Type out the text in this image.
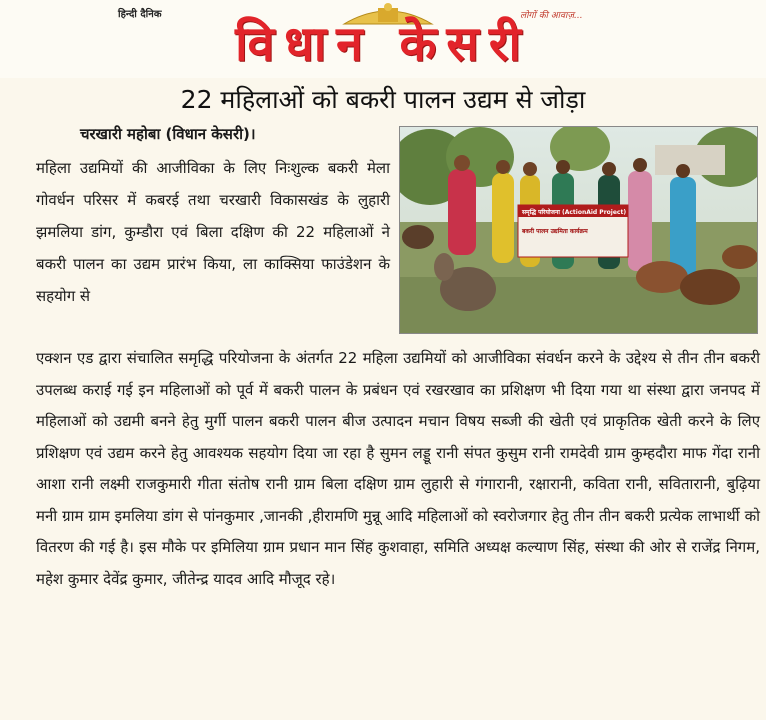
हिन्दी दैनिक	लोगों की आवाज़...
विधान केसरी
22 महिलाओं को बकरी पालन उद्यम से जोड़ा
समृद्धि परियोजना (ActionAid Project)
बकरी पालन उद्यमिता कार्यक्रम
चरखारी महोबा (विधान केसरी)।
महिला उद्यमियों की आजीविका के लिए निःशुल्क बकरी मेला गोवर्धन परिसर में कबरई तथा चरखारी विकासखंड के लुहारी झमलिया डांग, कुम्डौरा एवं बिला दक्षिण की 22 महिलाओं ने बकरी पालन का उद्यम प्रारंभ किया, ला काक्सिया फाउंडेशन के सहयोग से
एक्शन एड द्वारा संचालित समृद्धि परियोजना के अंतर्गत 22 महिला उद्यमियों को आजीविका संवर्धन करने के उद्देश्य से तीन तीन बकरी उपलब्ध कराई गई इन महिलाओं को पूर्व में बकरी पालन के प्रबंधन एवं रखरखाव का प्रशिक्षण भी दिया गया था संस्था द्वारा जनपद में महिलाओं को उद्यमी बनने हेतु मुर्गी पालन बकरी पालन बीज उत्पादन मचान विषय सब्जी की खेती एवं प्राकृतिक खेती करने के लिए प्रशिक्षण एवं उद्यम करने हेतु आवश्यक सहयोग दिया जा रहा है सुमन लड्डू रानी संपत कुसुम रानी रामदेवी ग्राम कुम्हदौरा माफ गेंदा रानी आशा रानी लक्ष्मी राजकुमारी गीता संतोष रानी ग्राम बिला दक्षिण ग्राम लुहारी से गंगारानी, रक्षारानी, कविता रानी, सवितारानी, बुढ़िया मनी ग्राम ग्राम इमलिया डांग से पांनकुमार ,जानकी ,हीरामणि मुन्नू आदि महिलाओं को स्वरोजगार हेतु तीन तीन बकरी प्रत्येक लाभार्थी को वितरण की गई है। इस मौके पर इमिलिया ग्राम प्रधान मान सिंह कुशवाहा, समिति अध्यक्ष कल्याण सिंह, संस्था की ओर से राजेंद्र निगम, महेश कुमार देवेंद्र कुमार, जीतेन्द्र यादव आदि मौजूद रहे।
